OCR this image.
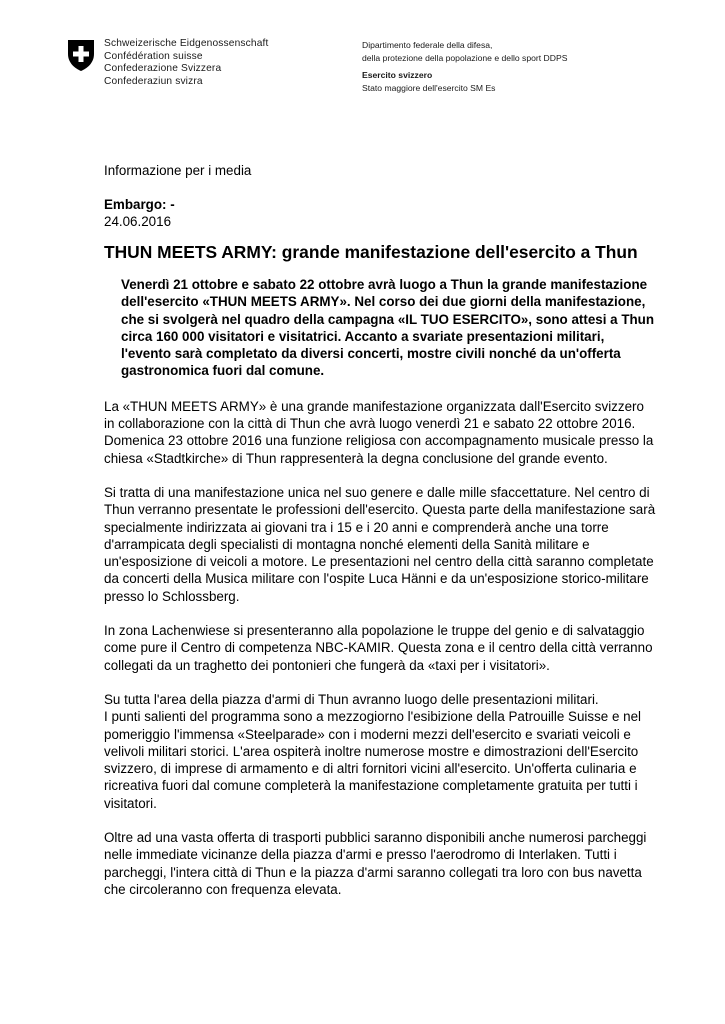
Schweizerische Eidgenossenschaft
Confédération suisse
Confederazione Svizzera
Confederaziun svizra
Dipartimento federale della difesa,
della protezione della popolazione e dello sport DDPS
Esercito svizzero
Stato maggiore dell'esercito SM Es
Informazione per i media
Embargo: -
24.06.2016
THUN MEETS ARMY: grande manifestazione dell'esercito a Thun
Venerdì 21 ottobre e sabato 22 ottobre avrà luogo a Thun la grande manifestazione
dell'esercito «THUN MEETS ARMY». Nel corso dei due giorni della manifestazione,
che si svolgerà nel quadro della campagna «IL TUO ESERCITO», sono attesi a Thun
circa 160 000 visitatori e visitatrici. Accanto a svariate presentazioni militari,
l'evento sarà completato da diversi concerti, mostre civili nonché da un'offerta
gastronomica fuori dal comune.
La «THUN MEETS ARMY» è una grande manifestazione organizzata dall'Esercito svizzero
in collaborazione con la città di Thun che avrà luogo venerdì 21 e sabato 22 ottobre 2016.
Domenica 23 ottobre 2016 una funzione religiosa con accompagnamento musicale presso la
chiesa «Stadtkirche» di Thun rappresenterà la degna conclusione del grande evento.
Si tratta di una manifestazione unica nel suo genere e dalle mille sfaccettature. Nel centro di
Thun verranno presentate le professioni dell'esercito. Questa parte della manifestazione sarà
specialmente indirizzata ai giovani tra i 15 e i 20 anni e comprenderà anche una torre
d'arrampicata degli specialisti di montagna nonché elementi della Sanità militare e
un'esposizione di veicoli a motore. Le presentazioni nel centro della città saranno completate
da concerti della Musica militare con l'ospite Luca Hänni e da un'esposizione storico-militare
presso lo Schlossberg.
In zona Lachenwiese si presenteranno alla popolazione le truppe del genio e di salvataggio
come pure il Centro di competenza NBC-KAMIR. Questa zona e il centro della città verranno
collegati da un traghetto dei pontonieri che fungerà da «taxi per i visitatori».
Su tutta l'area della piazza d'armi di Thun avranno luogo delle presentazioni militari.
I punti salienti del programma sono a mezzogiorno l'esibizione della Patrouille Suisse e nel
pomeriggio l'immensa «Steelparade» con i moderni mezzi dell'esercito e svariati veicoli e
velivoli militari storici. L'area ospiterà inoltre numerose mostre e dimostrazioni dell'Esercito
svizzero, di imprese di armamento e di altri fornitori vicini all'esercito. Un'offerta culinaria e
ricreativa fuori dal comune completerà la manifestazione completamente gratuita per tutti i
visitatori.
Oltre ad una vasta offerta di trasporti pubblici saranno disponibili anche numerosi parcheggi
nelle immediate vicinanze della piazza d'armi e presso l'aerodromo di Interlaken. Tutti i
parcheggi, l'intera città di Thun e la piazza d'armi saranno collegati tra loro con bus navetta
che circoleranno con frequenza elevata.
